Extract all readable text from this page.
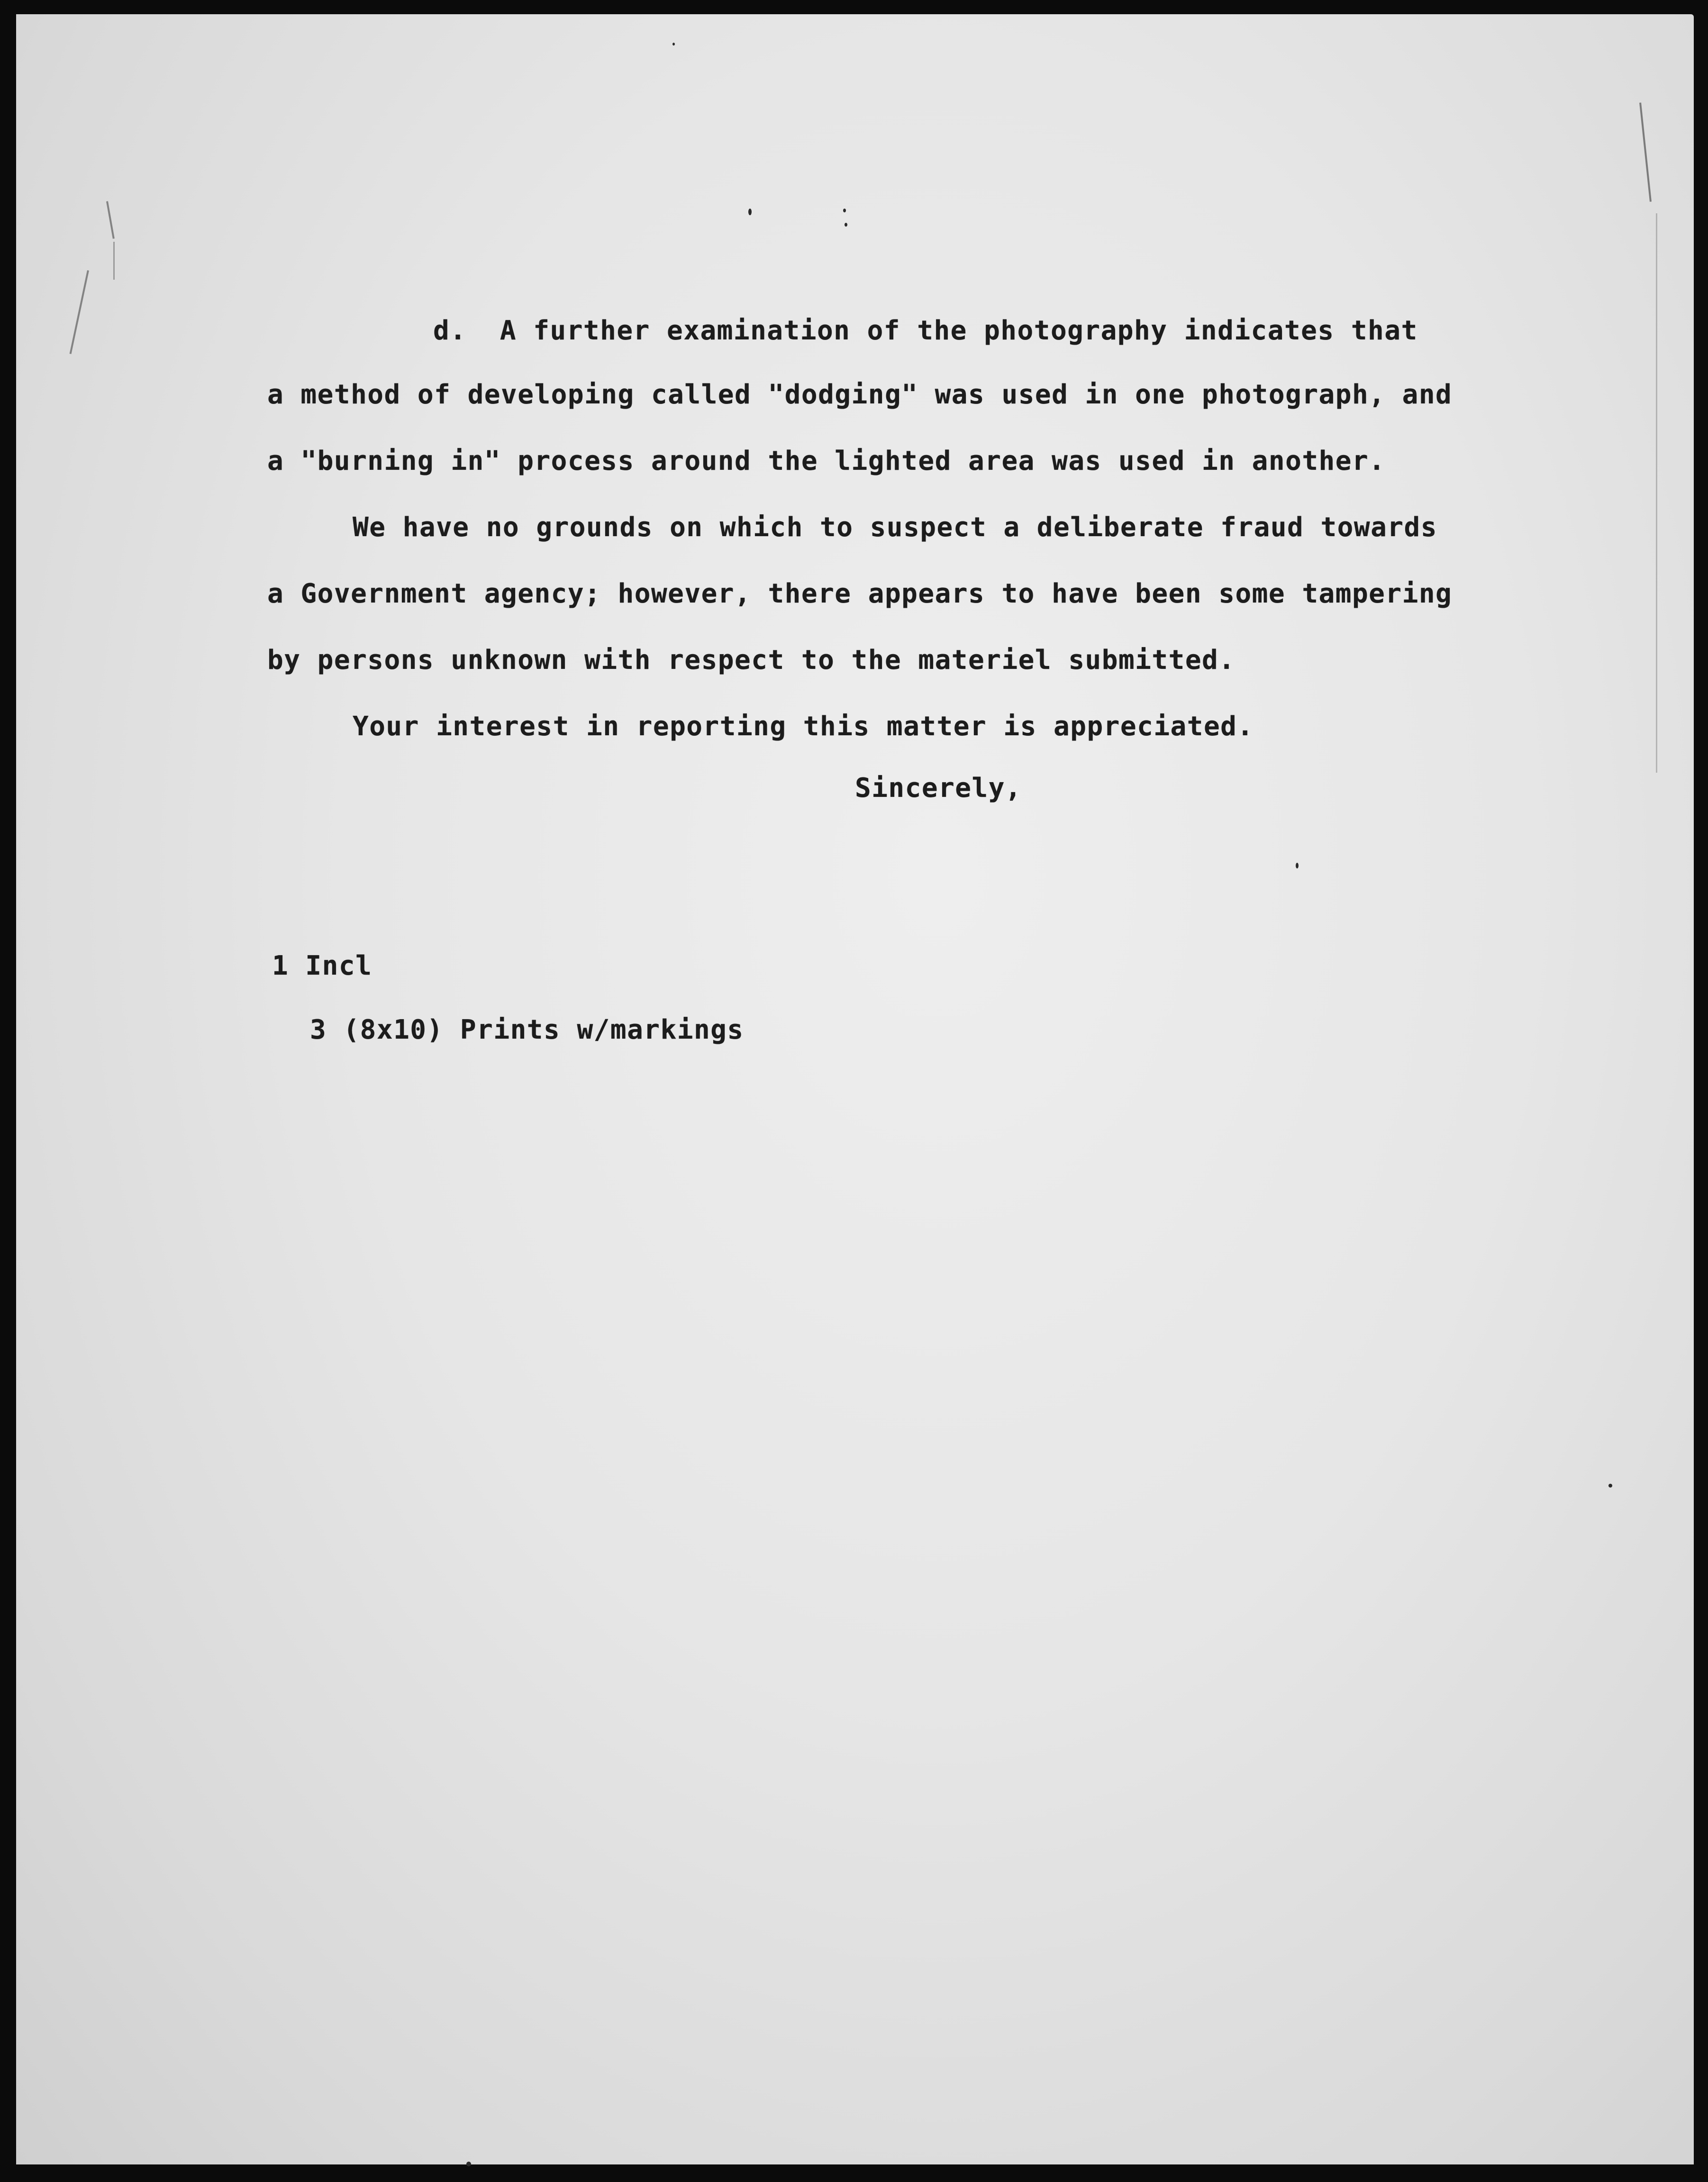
d.  A further examination of the photography indicates that
a method of developing called "dodging" was used in one photograph, and
a "burning in" process around the lighted area was used in another.
We have no grounds on which to suspect a deliberate fraud towards
a Government agency; however, there appears to have been some tampering
by persons unknown with respect to the materiel submitted.
Your interest in reporting this matter is appreciated.
Sincerely,
1 Incl
3 (8x10) Prints w/markings
